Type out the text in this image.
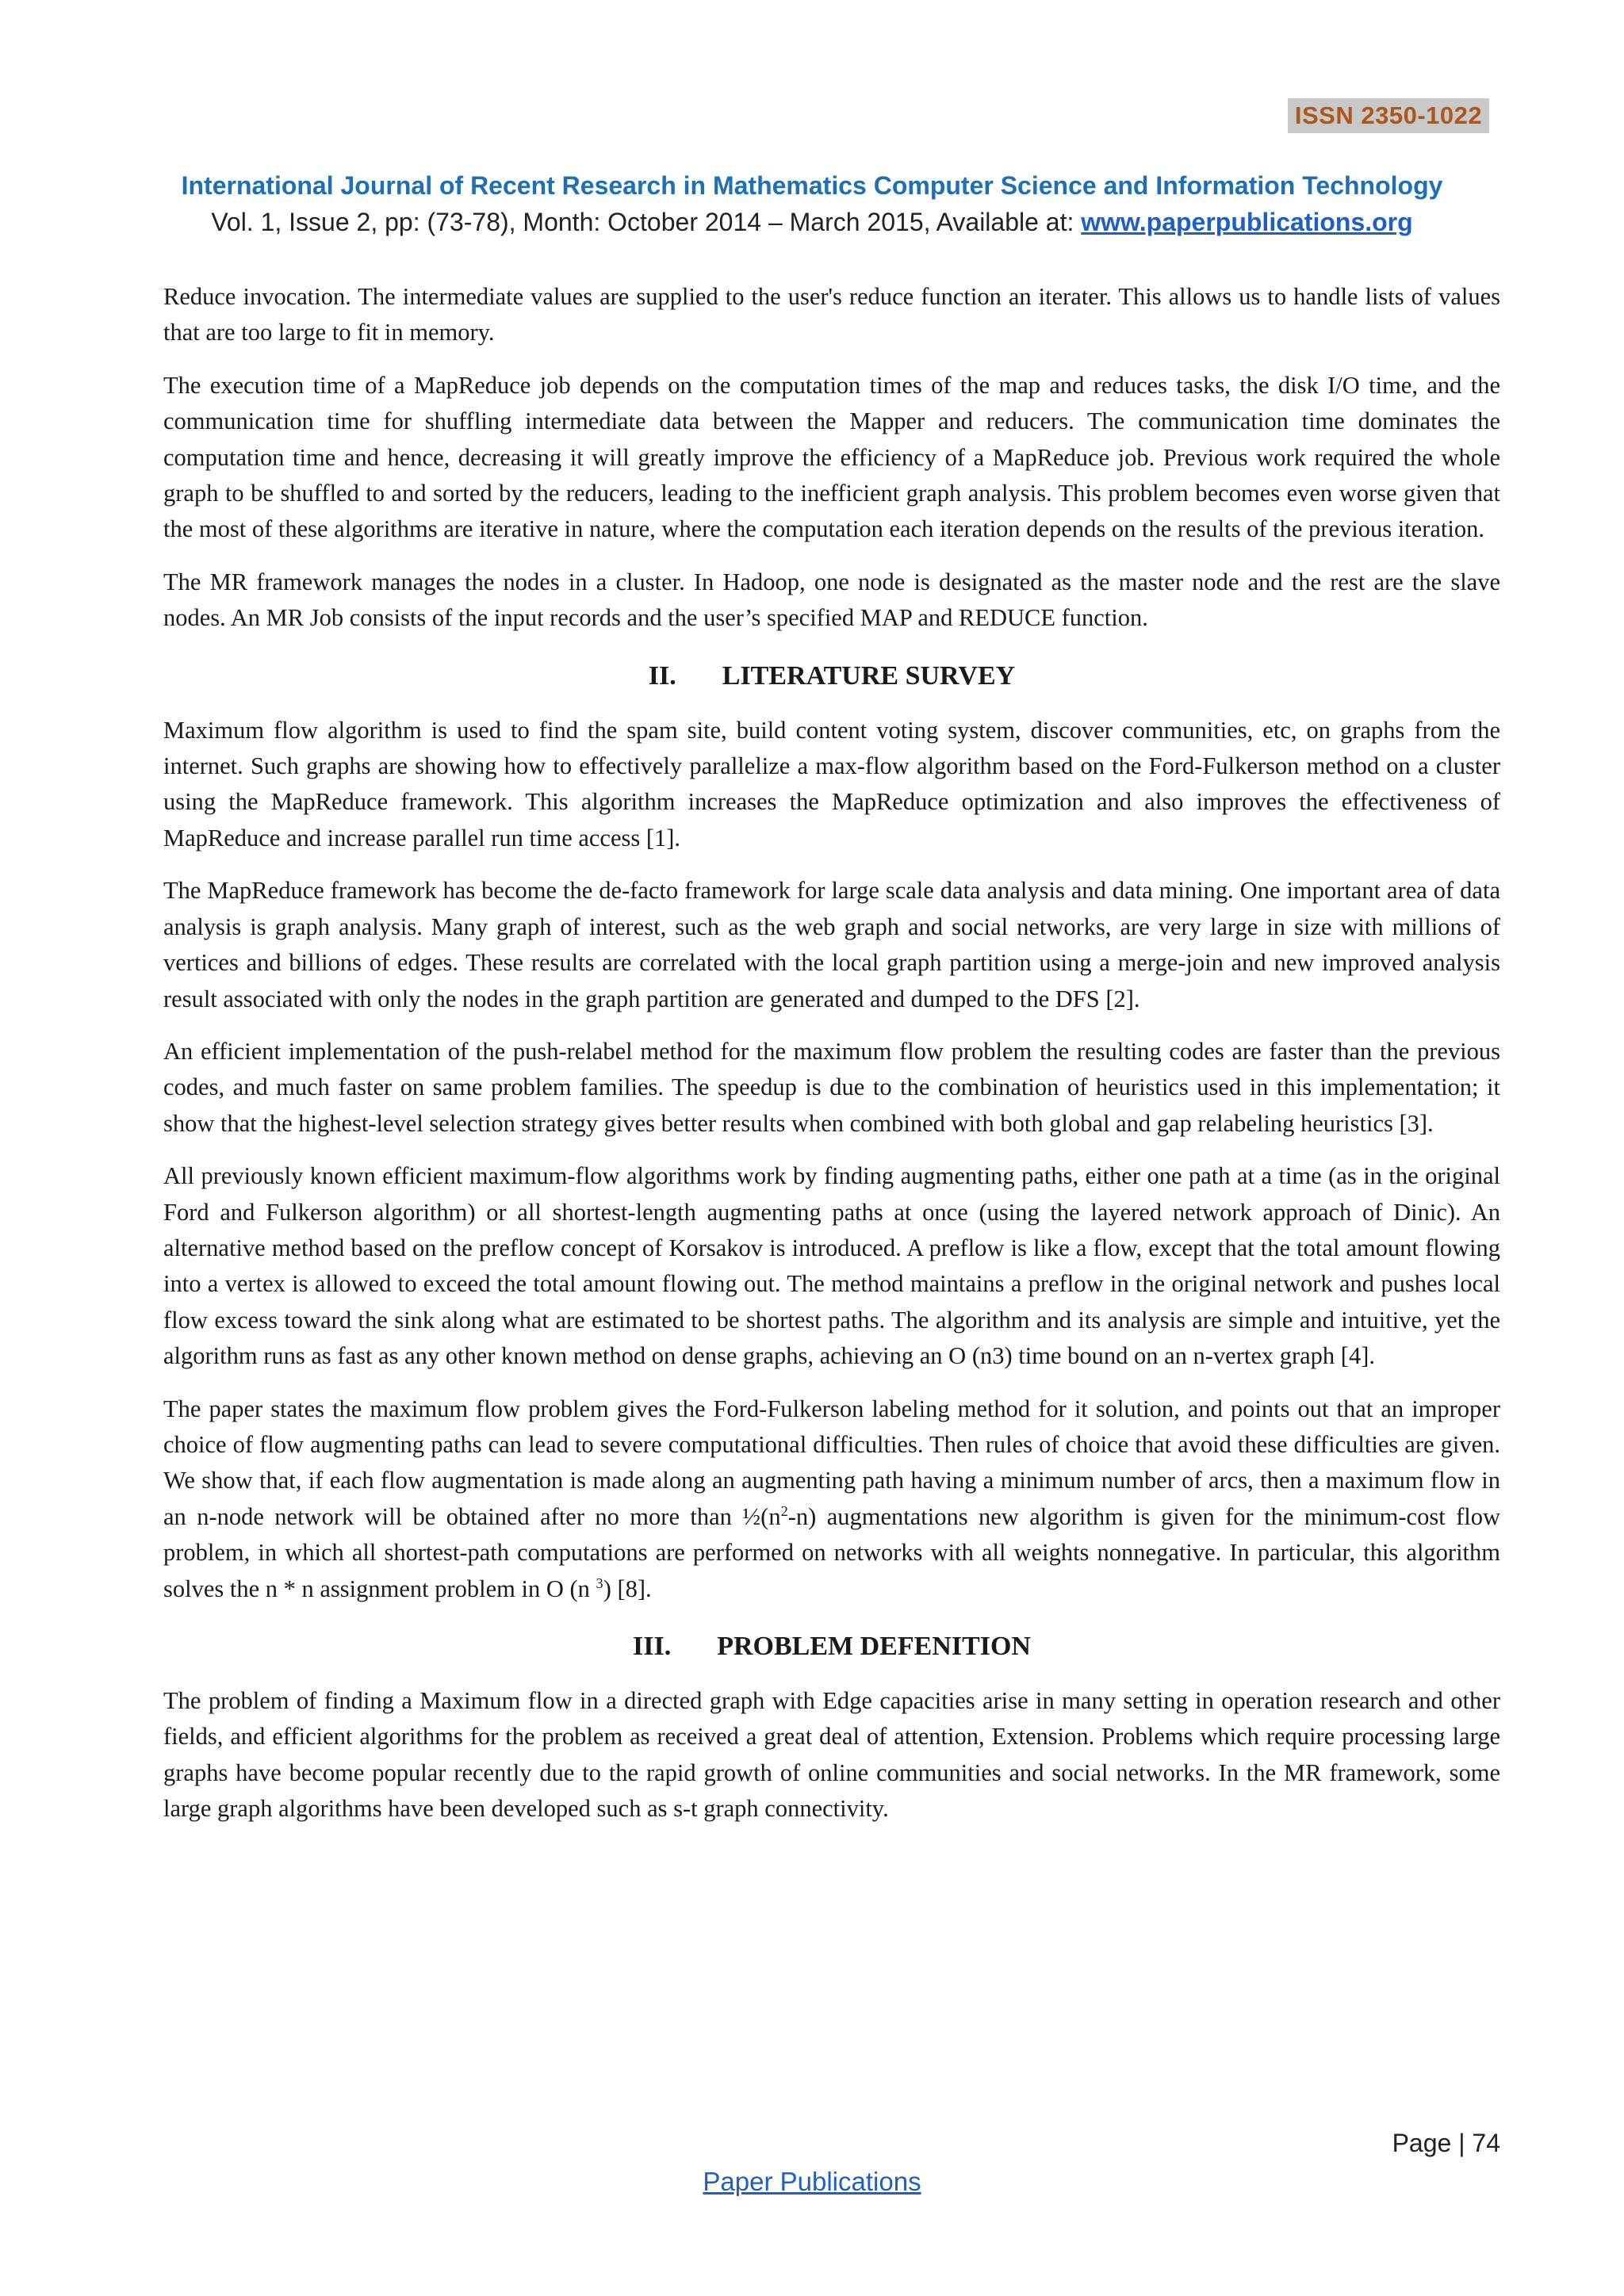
ISSN 2350-1022
International Journal of Recent Research in Mathematics Computer Science and Information Technology
Vol. 1, Issue 2, pp: (73-78), Month: October 2014 – March 2015, Available at: www.paperpublications.org

Reduce invocation. The intermediate values are supplied to the user's reduce function an iterater. This allows us to handle lists of values that are too large to fit in memory.

The execution time of a MapReduce job depends on the computation times of the map and reduces tasks, the disk I/O time, and the communication time for shuffling intermediate data between the Mapper and reducers. The communication time dominates the computation time and hence, decreasing it will greatly improve the efficiency of a MapReduce job. Previous work required the whole graph to be shuffled to and sorted by the reducers, leading to the inefficient graph analysis. This problem becomes even worse given that the most of these algorithms are iterative in nature, where the computation each iteration depends on the results of the previous iteration.

The MR framework manages the nodes in a cluster. In Hadoop, one node is designated as the master node and the rest are the slave nodes. An MR Job consists of the input records and the user’s specified MAP and REDUCE function.

II. LITERATURE SURVEY

Maximum flow algorithm is used to find the spam site, build content voting system, discover communities, etc, on graphs from the internet. Such graphs are showing how to effectively parallelize a max-flow algorithm based on the Ford-Fulkerson method on a cluster using the MapReduce framework. This algorithm increases the MapReduce optimization and also improves the effectiveness of MapReduce and increase parallel run time access [1].

The MapReduce framework has become the de-facto framework for large scale data analysis and data mining. One important area of data analysis is graph analysis. Many graph of interest, such as the web graph and social networks, are very large in size with millions of vertices and billions of edges. These results are correlated with the local graph partition using a merge-join and new improved analysis result associated with only the nodes in the graph partition are generated and dumped to the DFS [2].

An efficient implementation of the push-relabel method for the maximum flow problem the resulting codes are faster than the previous codes, and much faster on same problem families. The speedup is due to the combination of heuristics used in this implementation; it show that the highest-level selection strategy gives better results when combined with both global and gap relabeling heuristics [3].

All previously known efficient maximum-flow algorithms work by finding augmenting paths, either one path at a time (as in the original Ford and Fulkerson algorithm) or all shortest-length augmenting paths at once (using the layered network approach of Dinic). An alternative method based on the preflow concept of Korsakov is introduced. A preflow is like a flow, except that the total amount flowing into a vertex is allowed to exceed the total amount flowing out. The method maintains a preflow in the original network and pushes local flow excess toward the sink along what are estimated to be shortest paths. The algorithm and its analysis are simple and intuitive, yet the algorithm runs as fast as any other known method on dense graphs, achieving an O (n3) time bound on an n-vertex graph [4].

The paper states the maximum flow problem gives the Ford-Fulkerson labeling method for it solution, and points out that an improper choice of flow augmenting paths can lead to severe computational difficulties. Then rules of choice that avoid these difficulties are given. We show that, if each flow augmentation is made along an augmenting path having a minimum number of arcs, then a maximum flow in an n-node network will be obtained after no more than $\frac{1}{2}(n^2-n)$ augmentations new algorithm is given for the minimum-cost flow problem, in which all shortest-path computations are performed on networks with all weights nonnegative. In particular, this algorithm solves the n * n assignment problem in O (n $^3$) [8].

III. PROBLEM DEFENITION

The problem of finding a Maximum flow in a directed graph with Edge capacities arise in many setting in operation research and other fields, and efficient algorithms for the problem as received a great deal of attention, Extension. Problems which require processing large graphs have become popular recently due to the rapid growth of online communities and social networks. In the MR framework, some large graph algorithms have been developed such as s-t graph connectivity.

Page | 74
Paper Publications
